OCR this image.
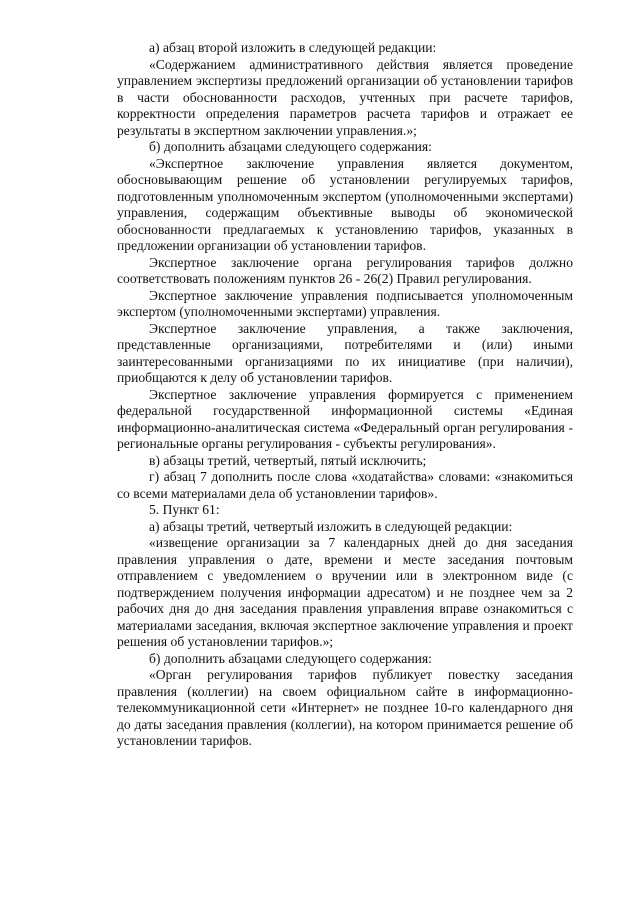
а) абзац второй изложить в следующей редакции:

«Содержанием административного действия является проведение управлением экспертизы предложений организации об установлении тарифов в части обоснованности расходов, учтенных при расчете тарифов, корректности определения параметров расчета тарифов и отражает ее результаты в экспертном заключении управления.»;

б) дополнить абзацами следующего содержания:

«Экспертное заключение управления является документом, обосновывающим решение об установлении регулируемых тарифов, подготовленным уполномоченным экспертом (уполномоченными экспертами) управления, содержащим объективные выводы об экономической обоснованности предлагаемых к установлению тарифов, указанных в предложении организации об установлении тарифов.

Экспертное заключение органа регулирования тарифов должно соответствовать положениям пунктов 26 - 26(2) Правил регулирования.

Экспертное заключение управления подписывается уполномоченным экспертом (уполномоченными экспертами) управления.

Экспертное заключение управления, а также заключения, представленные организациями, потребителями и (или) иными заинтересованными организациями по их инициативе (при наличии), приобщаются к делу об установлении тарифов.

Экспертное заключение управления формируется с применением федеральной государственной информационной системы «Единая информационно-аналитическая система «Федеральный орган регулирования - региональные органы регулирования - субъекты регулирования».

в) абзацы третий, четвертый, пятый исключить;

г) абзац 7 дополнить после слова «ходатайства» словами: «знакомиться со всеми материалами дела об установлении тарифов».

5. Пункт 61:

а) абзацы третий, четвертый изложить в следующей редакции:

«извещение организации за 7 календарных дней до дня заседания правления управления о дате, времени и месте заседания почтовым отправлением с уведомлением о вручении или в электронном виде (с подтверждением получения информации адресатом) и не позднее чем за 2 рабочих дня до дня заседания правления управления вправе ознакомиться с материалами заседания, включая экспертное заключение управления и проект решения об установлении тарифов.»;

б) дополнить абзацами следующего содержания:

«Орган регулирования тарифов публикует повестку заседания правления (коллегии) на своем официальном сайте в информационно-телекоммуникационной сети «Интернет» не позднее 10-го календарного дня до даты заседания правления (коллегии), на котором принимается решение об установлении тарифов.
